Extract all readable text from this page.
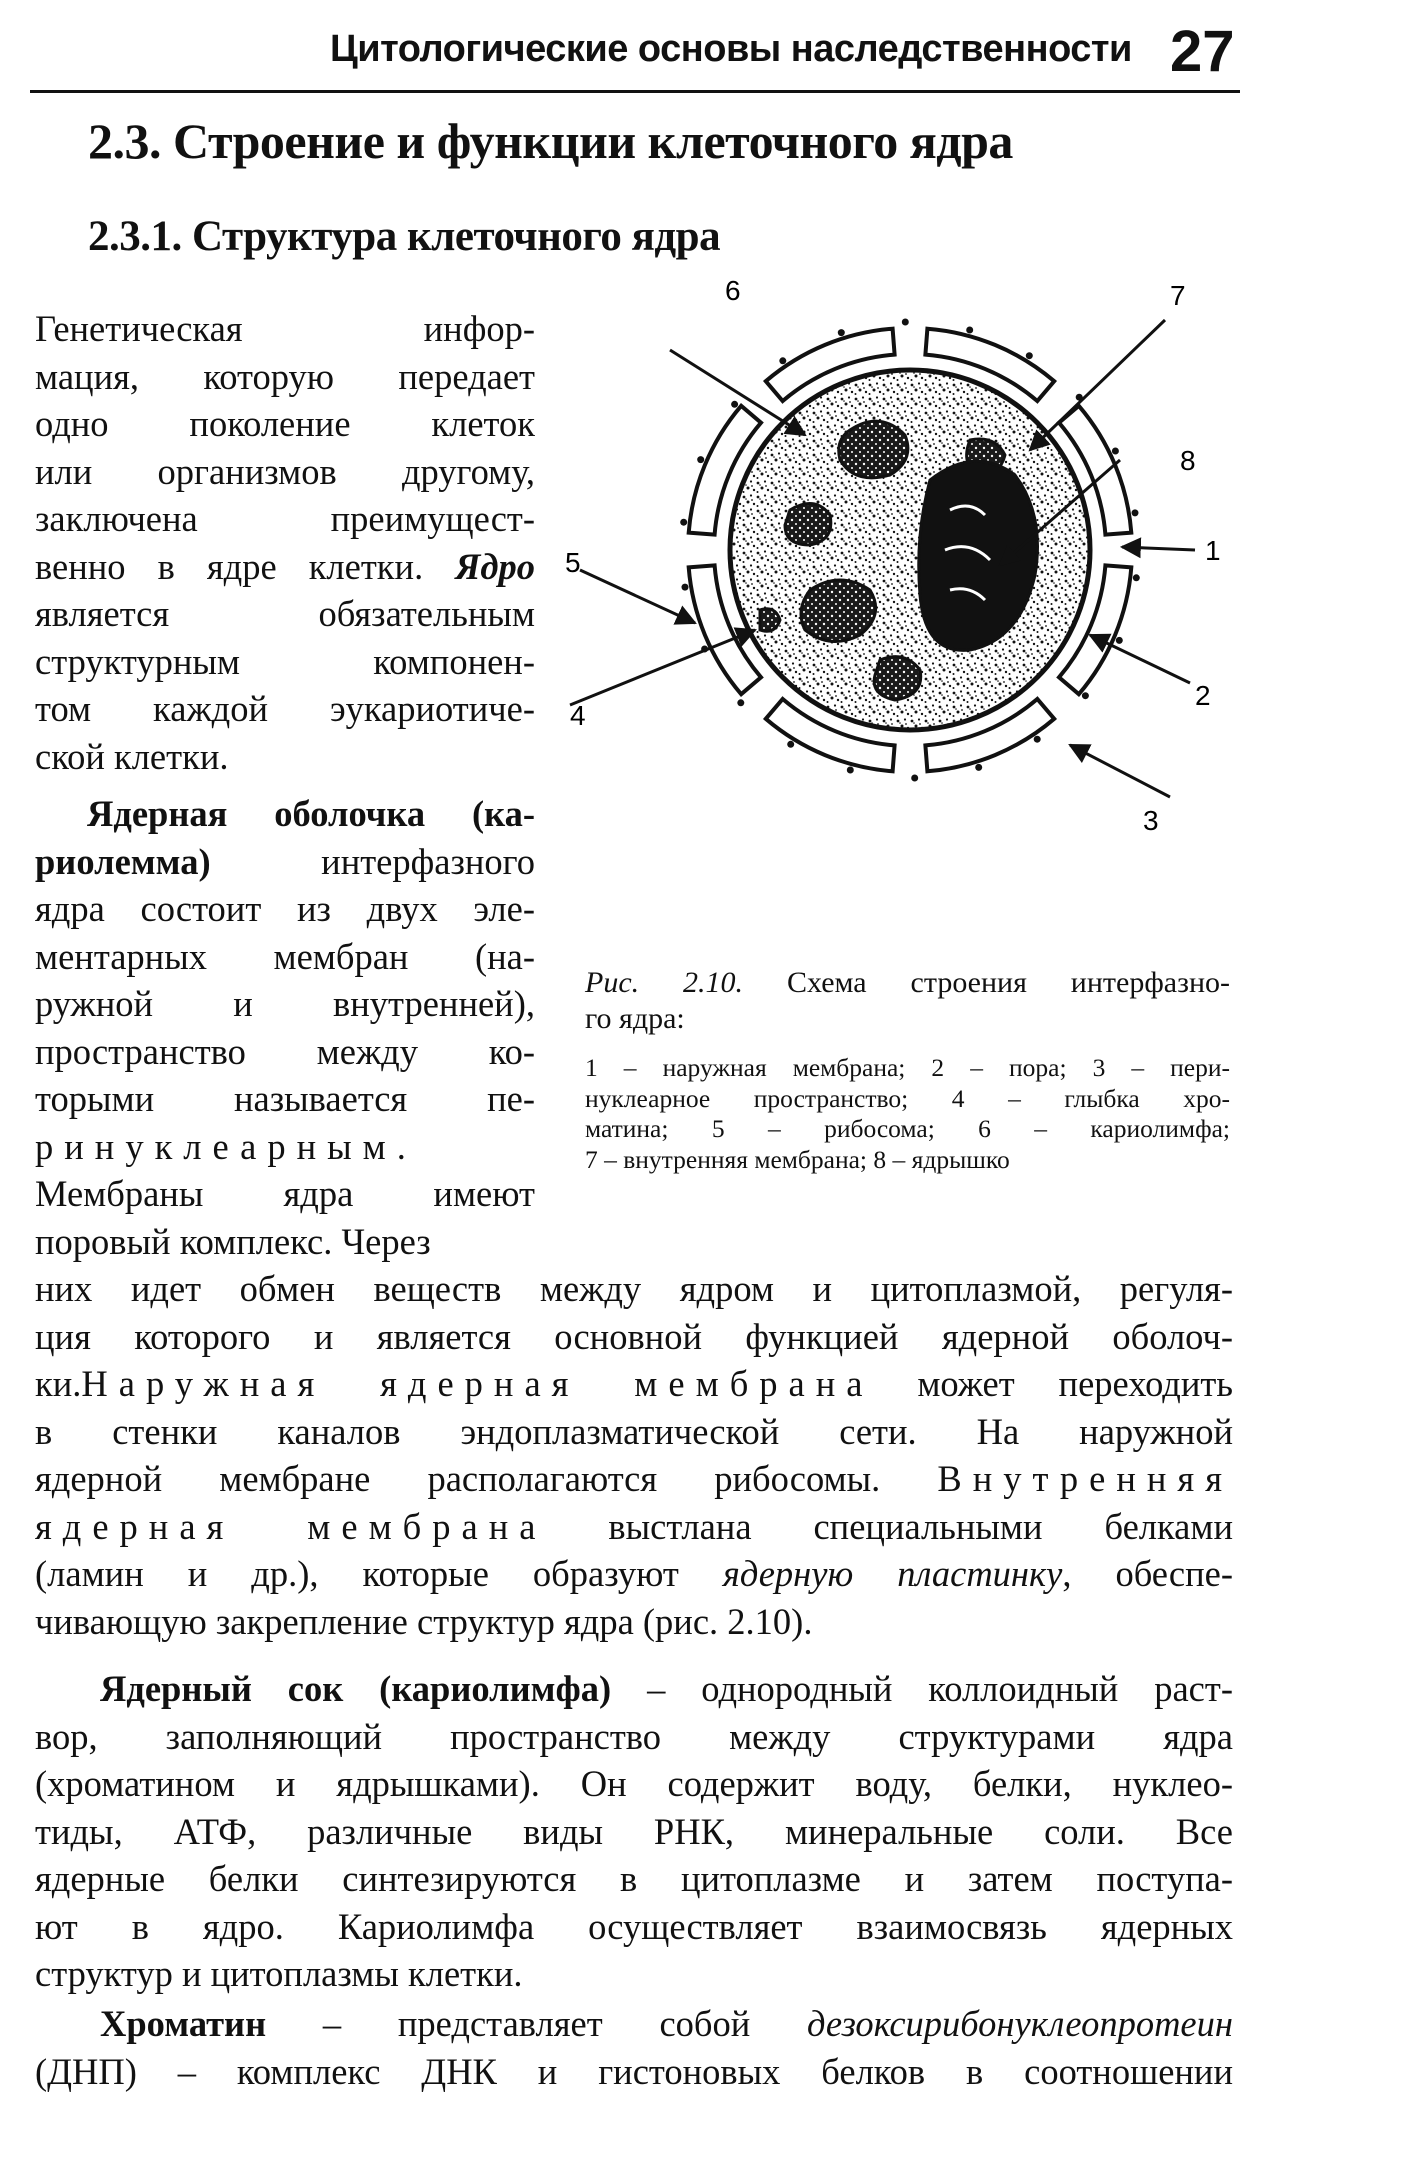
Цитологические основы наследственности 27
2.3. Строение и функции клеточного ядра
2.3.1. Структура клеточного ядра
Генетическая инфор-
мация, которую передает
одно поколение клеток
или организмов другому,
заключена преимущест-
венно в ядре клетки. Ядро
является обязательным
структурным компонен-
том каждой эукариотиче-
ской клетки.
Ядерная оболочка (ка-
риолемма) интерфазного
ядра состоит из двух эле-
ментарных мембран (на-
ружной и внутренней),
пространство между ко-
торыми называется пе-
ринуклеарным.
Мембраны ядра имеют
поровый комплекс. Через
них идет обмен веществ между ядром и цитоплазмой, регуля-
ция которого и является основной функцией ядерной оболоч-
ки.Наружная ядерная мембрана может переходить
в стенки каналов эндоплазматической сети. На наружной
ядерной мембране располагаются рибосомы. Внутренняя
ядерная мембрана выстлана специальными белками
(ламин и др.), которые образуют ядерную пластинку, обеспе-
чивающую закрепление структур ядра (рис. 2.10).
Ядерный сок (кариолимфа) – однородный коллоидный раст-
вор, заполняющий пространство между структурами ядра
(хроматином и ядрышками). Он содержит воду, белки, нуклео-
тиды, АТФ, различные виды РНК, минеральные соли. Все
ядерные белки синтезируются в цитоплазме и затем поступа-
ют в ядро. Кариолимфа осуществляет взаимосвязь ядерных
структур и цитоплазмы клетки.
Хроматин – представляет собой дезоксирибонуклеопротеин
(ДНП) – комплекс ДНК и гистоновых белков в соотношении
1
2
3
4
5
6	7
8
Рис. 2.10. Схема строения интерфазно-
го ядра:
1 – наружная мембрана; 2 – пора; 3 – пери-
нуклеарное пространство; 4 – глыбка хро-
матина; 5 – рибосома; 6 – кариолимфа;
7 – внутренняя мембрана; 8 – ядрышко
